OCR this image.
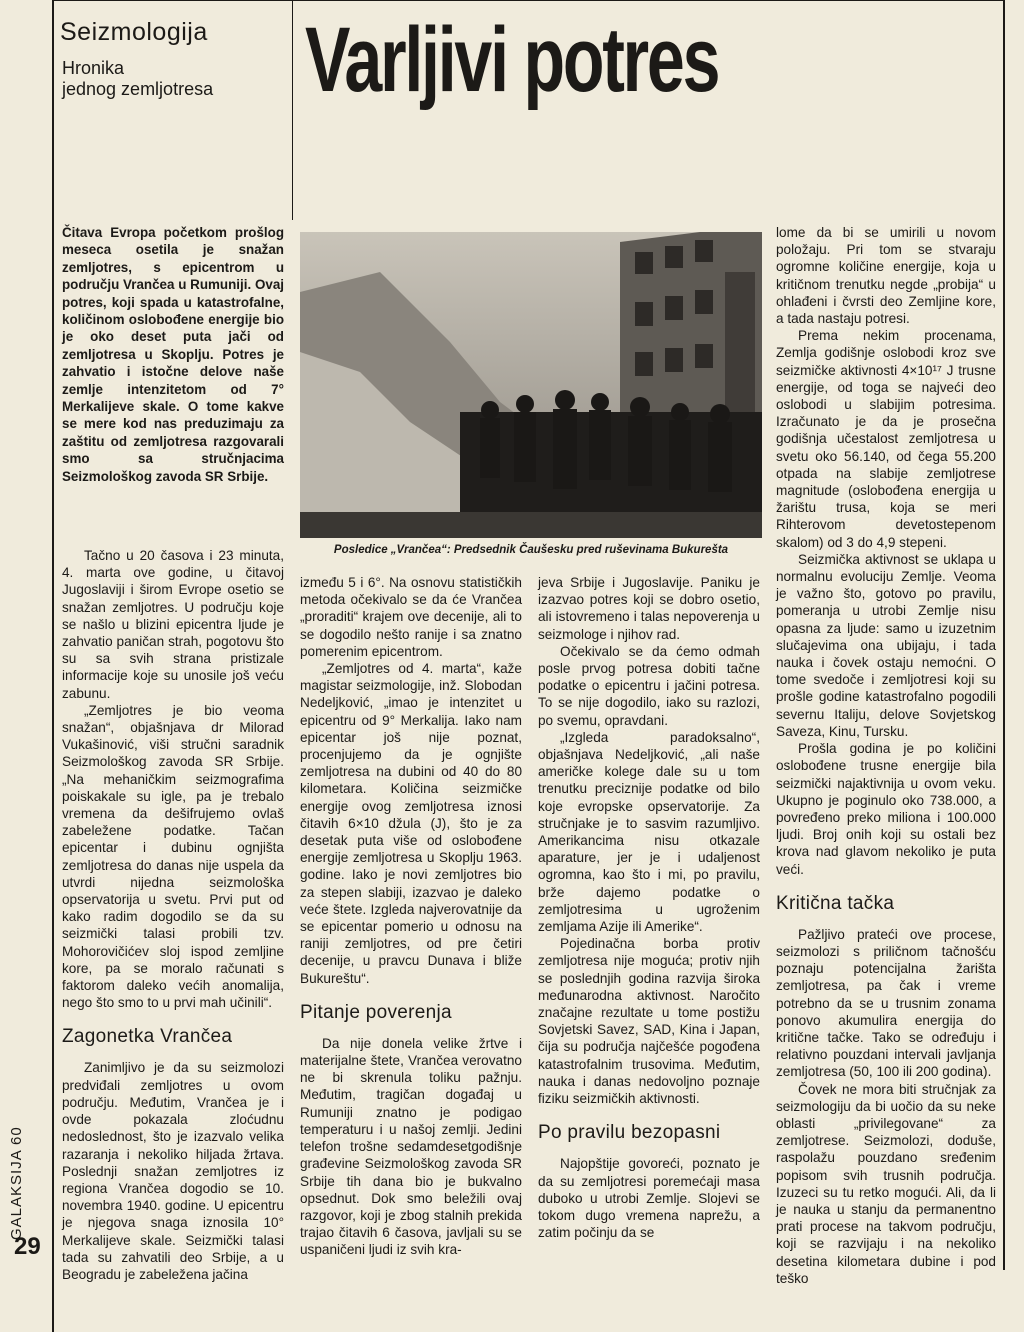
Seizmologija
Hronika
jednog zemljotresa Varljivi potres
GALAKSIJA 60
29
Čitava Evropa početkom prošlog meseca osetila je snažan zemljotres, s epicentrom u području Vrančea u Rumuniji. Ovaj potres, koji spada u katastrofalne, količinom oslobođene energije bio je oko deset puta jači od zemljotresa u Skoplju. Potres je zahvatio i istočne delove naše zemlje intenzitetom od 7° Merkalijeve skale. O tome kakve se mere kod nas preduzimaju za zaštitu od zemljotresa razgovarali smo sa stručnjacima Seizmološkog zavoda SR Srbije.
Posledice „Vrančea“: Predsednik Čaušesku pred ruševinama Bukurešta

Tačno u 20 časova i 23 minuta, 4. marta ove godine, u čitavoj Jugoslaviji i širom Evrope osetio se snažan zemljotres. U području koje se našlo u blizini epicentra ljude je zahvatio paničan strah, pogotovu što su sa svih strana pristizale informacije koje su unosile još veću zabunu.

„Zemljotres je bio veoma snažan“, objašnjava dr Milorad Vukašinović, viši stručni saradnik Seizmološkog zavoda SR Srbije. „Na mehaničkim seizmografima poiskakale su igle, pa je trebalo vremena da dešifrujemo ovlaš zabeležene podatke. Tačan epicentar i dubinu ognjišta zemljotresa do danas nije uspela da utvrdi nijedna seizmološka opservatorija u svetu. Prvi put od kako radim dogodilo se da su seizmički talasi probili tzv. Mohorovičićev sloj ispod zemljine kore, pa se moralo računati s faktorom daleko većih anomalija, nego što smo to u prvi mah učinili“.

Zagonetka Vrančea

Zanimljivo je da su seizmolozi predviđali zemljotres u ovom području. Međutim, Vrančea je i ovde pokazala zloćudnu nedoslednost, što je izazvalo velika razaranja i nekoliko hiljada žrtava. Poslednji snažan zemljotres iz regiona Vrančea dogodio se 10. novembra 1940. godine. U epicentru je njegova snaga iznosila 10° Merkalijeve skale. Seizmički talasi tada su zahvatili deo Srbije, a u Beogradu je zabeležena jačina

između 5 i 6°. Na osnovu statističkih metoda očekivalo se da će Vrančea „proraditi“ krajem ove decenije, ali to se dogodilo nešto ranije i sa znatno pomerenim epicentrom.

„Zemljotres od 4. marta“, kaže magistar seizmologije, inž. Slobodan Nedeljković, „imao je intenzitet u epicentru od 9° Merkalija. Iako nam epicentar još nije poznat, procenjujemo da je ognjište zemljotresa na dubini od 40 do 80 kilometara. Količina seizmičke energije ovog zemljotresa iznosi čitavih 6×10 džula (J), što je za desetak puta više od oslobođene energije zemljotresa u Skoplju 1963. godine. Iako je novi zemljotres bio za stepen slabiji, izazvao je daleko veće štete. Izgleda najverovatnije da se epicentar pomerio u odnosu na raniji zemljotres, od pre četiri decenije, u pravcu Dunava i bliže Bukureštu“.

Pitanje poverenja

Da nije donela velike žrtve i materijalne štete, Vrančea verovatno ne bi skrenula toliku pažnju. Međutim, tragičan događaj u Rumuniji znatno je podigao temperaturu i u našoj zemlji. Jedini telefon trošne sedamdesetgodišnje građevine Seizmološkog zavoda SR Srbije tih dana bio je bukvalno opsednut. Dok smo beležili ovaj razgovor, koji je zbog stalnih prekida trajao čitavih 6 časova, javljali su se uspaničeni ljudi iz svih kra-

jeva Srbije i Jugoslavije. Paniku je izazvao potres koji se dobro osetio, ali istovremeno i talas nepoverenja u seizmologe i njihov rad.

Očekivalo se da ćemo odmah posle prvog potresa dobiti tačne podatke o epicentru i jačini potresa. To se nije dogodilo, iako su razlozi, po svemu, opravdani.

„Izgleda paradoksalno“, objašnjava Nedeljković, „ali naše američke kolege dale su u tom trenutku preciznije podatke od bilo koje evropske opservatorije. Za stručnjake je to sasvim razumljivo. Amerikancima nisu otkazale aparature, jer je i udaljenost ogromna, kao što i mi, po pravilu, brže dajemo podatke o zemljotresima u ugroženim zemljama Azije ili Amerike“.

Pojedinačna borba protiv zemljotresa nije moguća; protiv njih se poslednjih godina razvija široka međunarodna aktivnost. Naročito značajne rezultate u tome postižu Sovjetski Savez, SAD, Kina i Japan, čija su područja najčešće pogođena katastrofalnim trusovima. Međutim, nauka i danas nedovoljno poznaje fiziku seizmičkih aktivnosti.

Po pravilu bezopasni

Najopštije govoreći, poznato je da su zemljotresi poremećaji masa duboko u utrobi Zemlje. Slojevi se tokom dugo vremena naprežu, a zatim počinju da se

lome da bi se umirili u novom položaju. Pri tom se stvaraju ogromne količine energije, koja u kritičnom trenutku negde „probija“ u ohlađeni i čvrsti deo Zemljine kore, a tada nastaju potresi.

Prema nekim procenama, Zemlja godišnje oslobodi kroz sve seizmičke aktivnosti 4×10¹⁷ J trusne energije, od toga se najveći deo oslobodi u slabijim potresima. Izračunato je da je prosečna godišnja učestalost zemljotresa u svetu oko 56.140, od čega 55.200 otpada na slabije zemljotrese magnitude (oslobođena energija u žarištu trusa, koja se meri Rihterovom devetostepenom skalom) od 3 do 4,9 stepeni.

Seizmička aktivnost se uklapa u normalnu evoluciju Zemlje. Veoma je važno što, gotovo po pravilu, pomeranja u utrobi Zemlje nisu opasna za ljude: samo u izuzetnim slučajevima ona ubijaju, i tada nauka i čovek ostaju nemoćni. O tome svedoče i zemljotresi koji su prošle godine katastrofalno pogodili severnu Italiju, delove Sovjetskog Saveza, Kinu, Tursku.

Prošla godina je po količini oslobođene trusne energije bila seizmički najaktivnija u ovom veku. Ukupno je poginulo oko 738.000, a povređeno preko miliona i 100.000 ljudi. Broj onih koji su ostali bez krova nad glavom nekoliko je puta veći.

Kritična tačka

Pažljivo prateći ove procese, seizmolozi s priličnom tačnošću poznaju potencijalna žarišta zemljotresa, pa čak i vreme potrebno da se u trusnim zonama ponovo akumulira energija do kritične tačke. Tako se određuju i relativno pouzdani intervali javljanja zemljotresa (50, 100 ili 200 godina).

Čovek ne mora biti stručnjak za seizmologiju da bi uočio da su neke oblasti „privilegovane“ za zemljotrese. Seizmolozi, doduše, raspolažu pouzdano sređenim popisom svih trusnih područja. Izuzeci su tu retko mogući. Ali, da li je nauka u stanju da permanentno prati procese na takvom području, koji se razvijaju i na nekoliko desetina kilometara dubine i pod teško
